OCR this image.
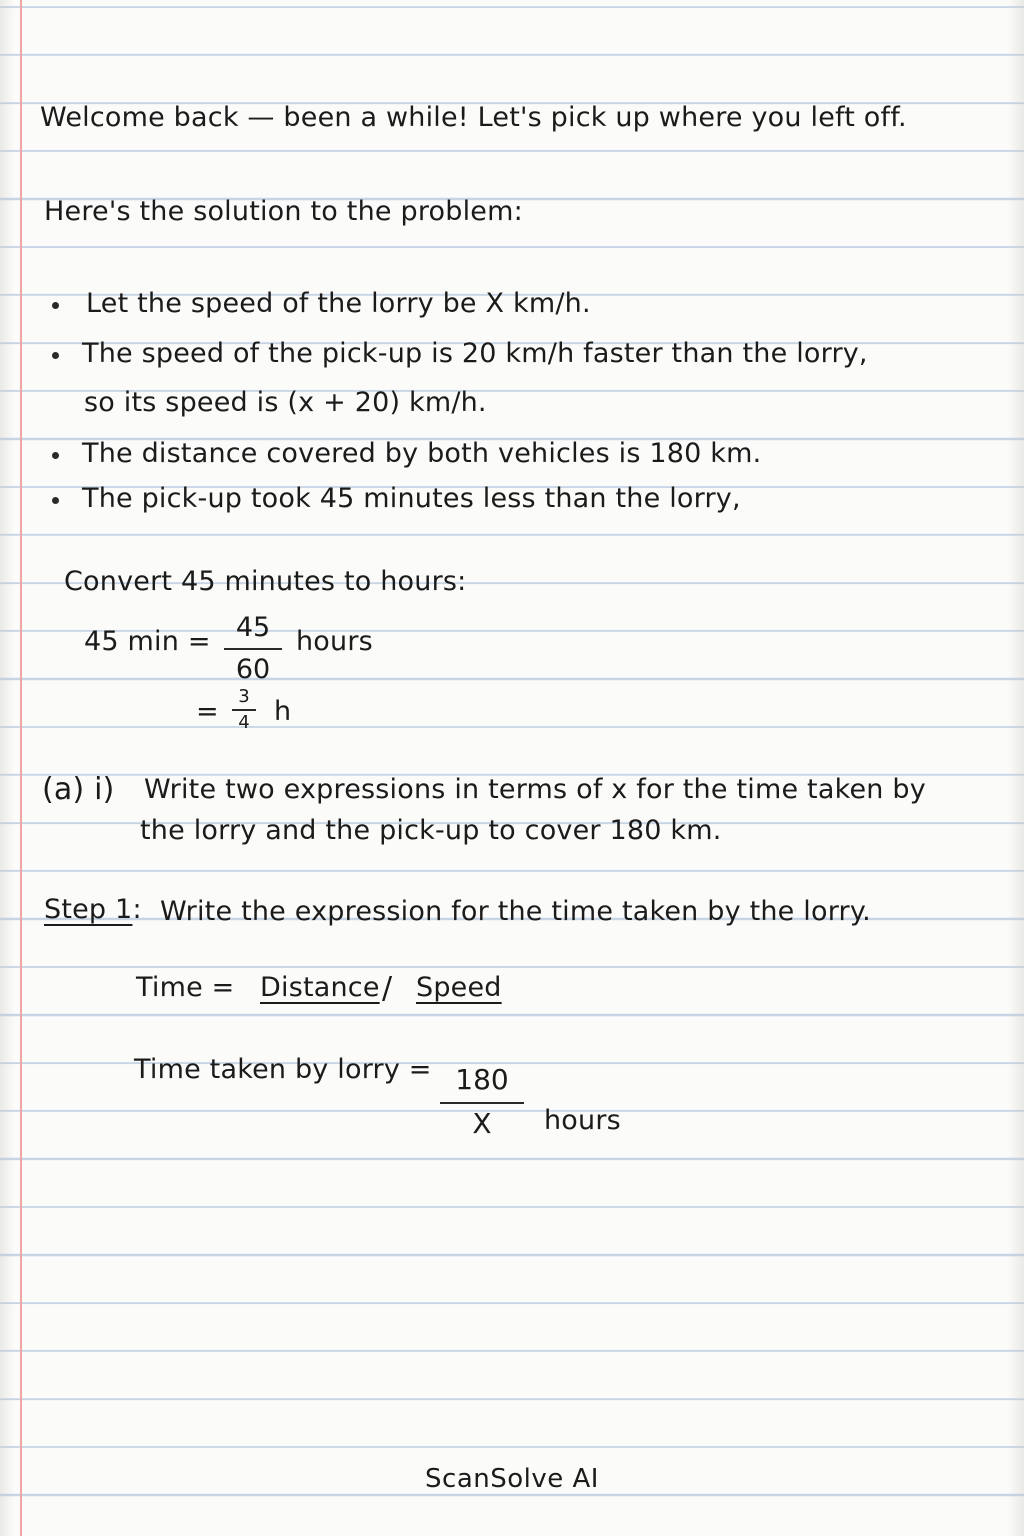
Welcome back — been a while! Let's pick up where you left off.
Here's the solution to the problem:
Let the speed of the lorry be X km/h.
The speed of the pick-up is 20 km/h faster than the lorry,
so its speed is (x + 20) km/h.
The distance covered by both vehicles is 180 km.
The pick-up took 45 minutes less than the lorry,
Convert 45 minutes to hours:
45 min = 45
60
hours
=	3
4 h
(a) i) Write two expressions in terms of x for the time taken by
the lorry and the pick-up to cover 180 km.
Step 1: Write the expression for the time taken by the lorry.
Time = Distance / Speed
Time taken by lorry = 180
X	hours
ScanSolve AI
